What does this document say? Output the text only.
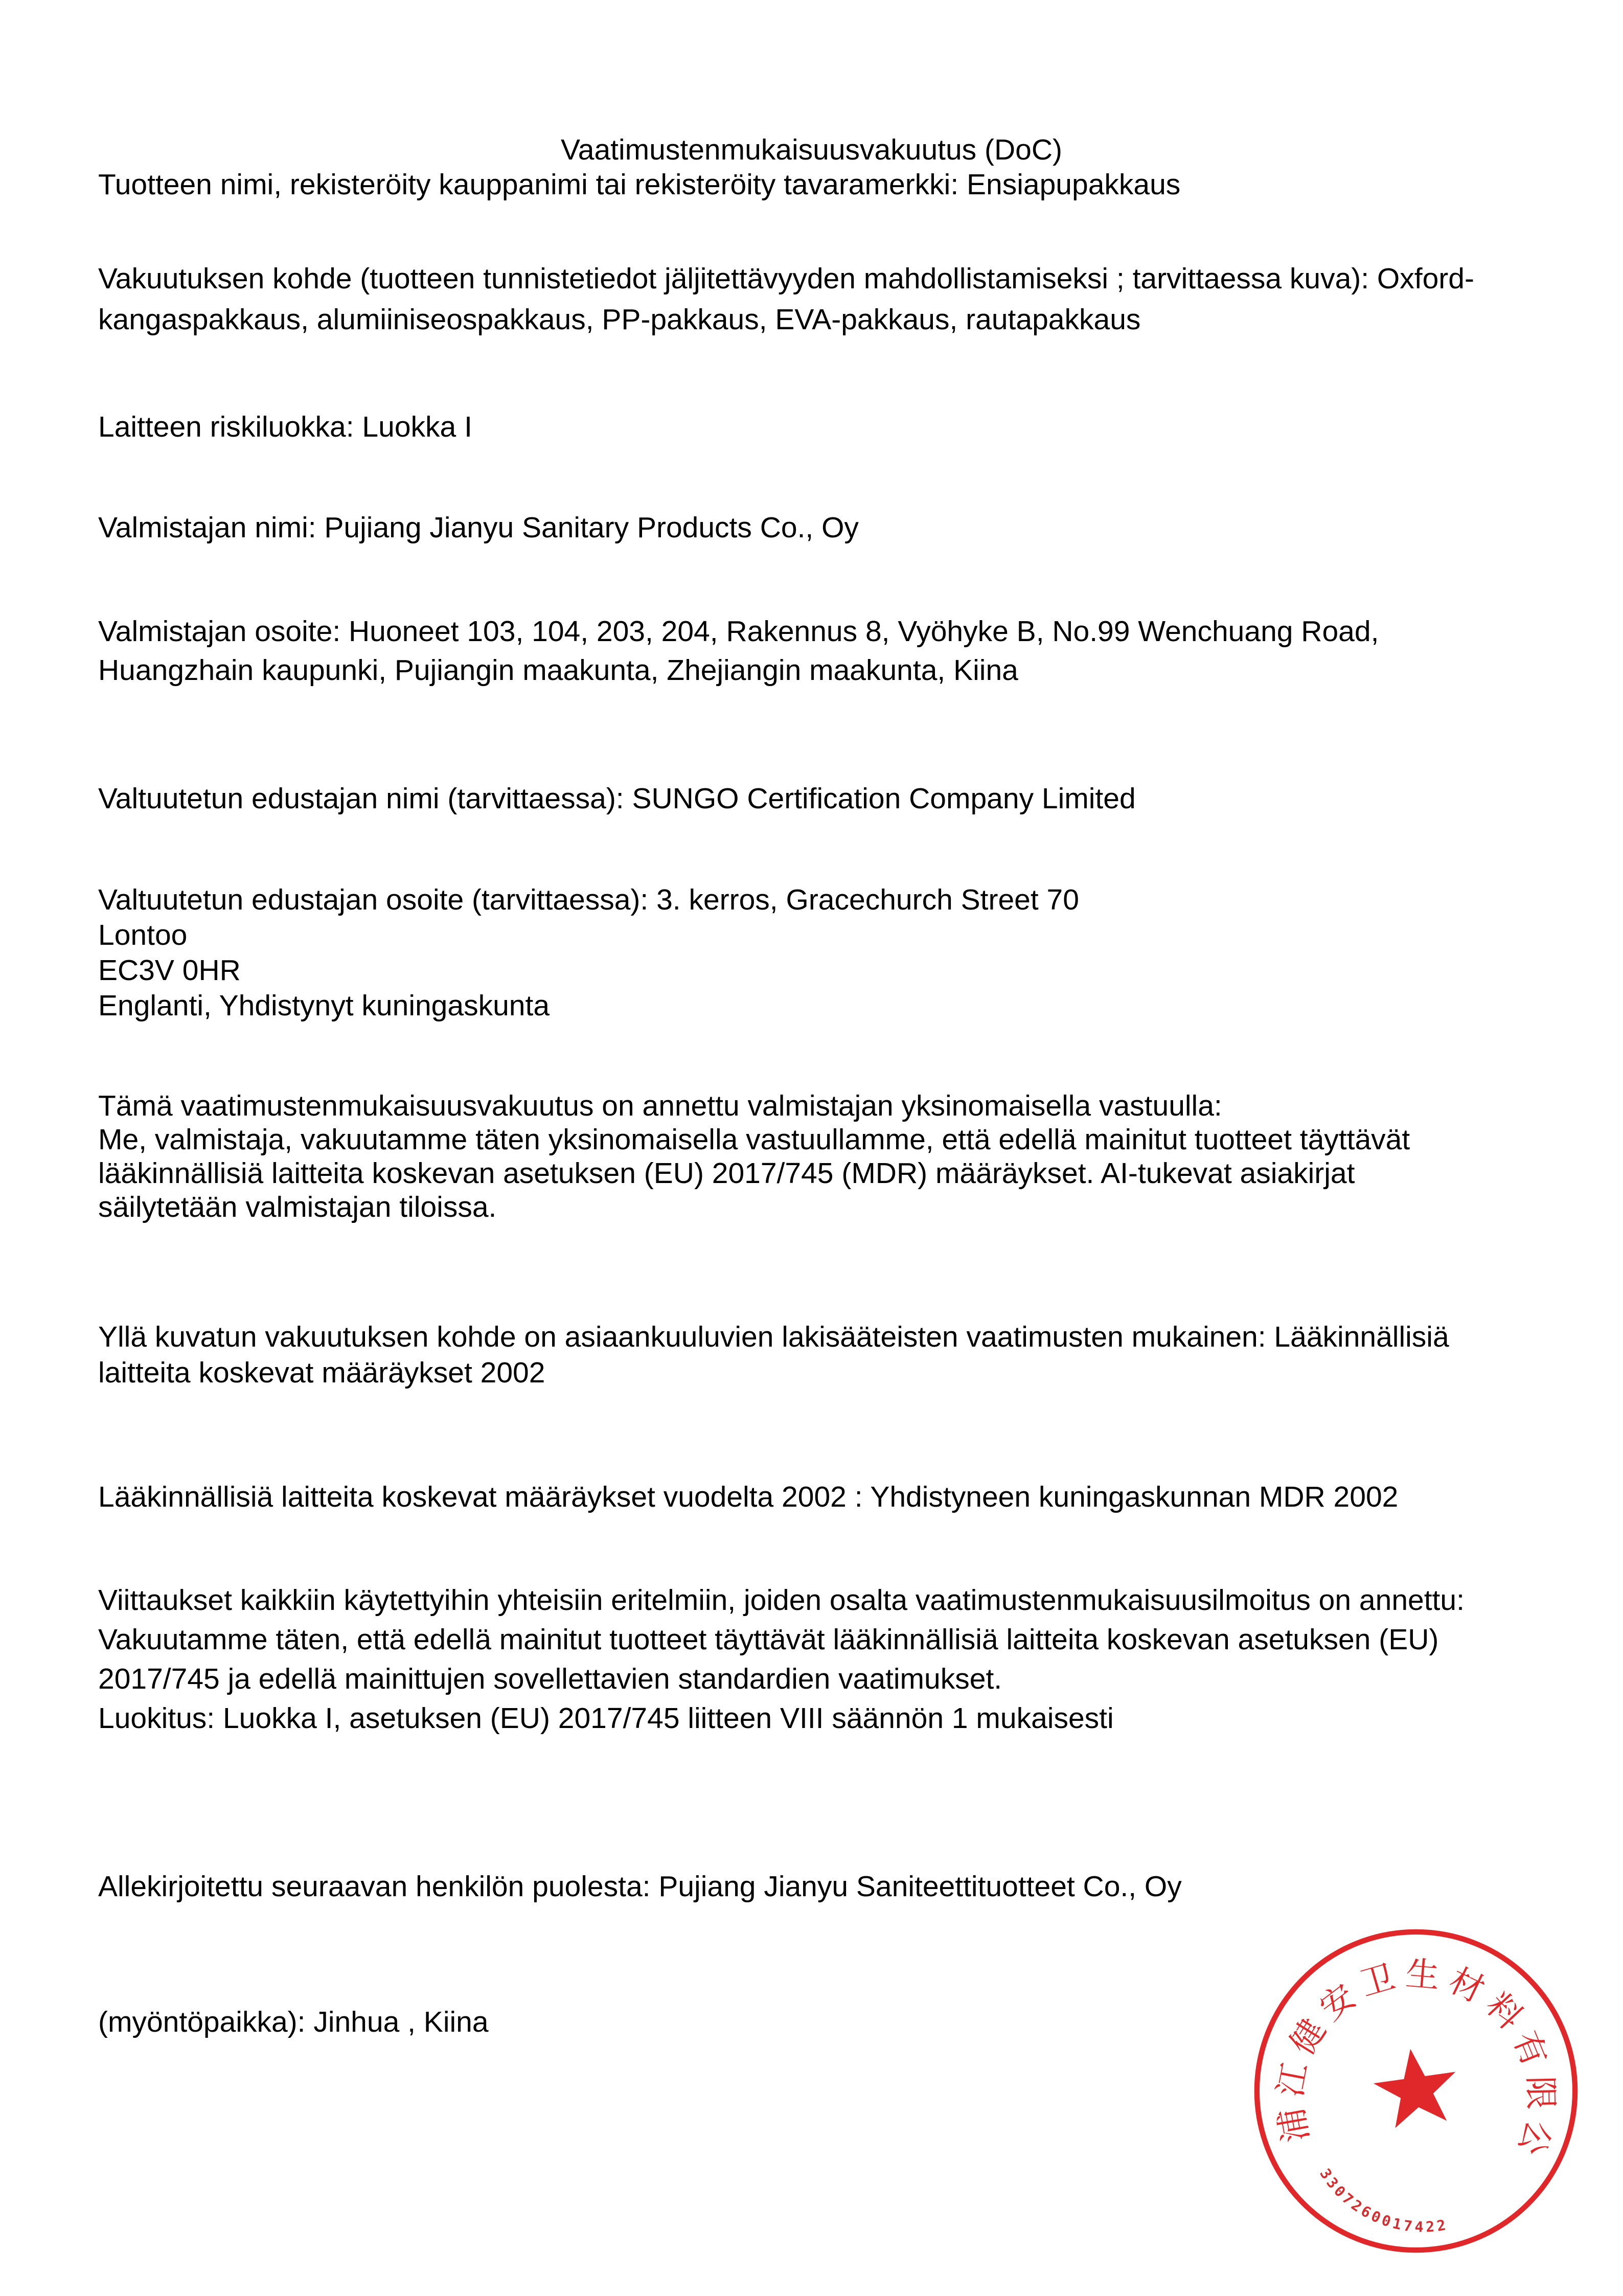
Vaatimustenmukaisuusvakuutus (DoC)
Tuotteen nimi, rekisteröity kauppanimi tai rekisteröity tavaramerkki: Ensiapupakkaus
Vakuutuksen kohde (tuotteen tunnistetiedot jäljitettävyyden mahdollistamiseksi ; tarvittaessa kuva): Oxford-
kangaspakkaus, alumiiniseospakkaus, PP-pakkaus, EVA-pakkaus, rautapakkaus
Laitteen riskiluokka: Luokka I
Valmistajan nimi: Pujiang Jianyu Sanitary Products Co., Oy
Valmistajan osoite: Huoneet 103, 104, 203, 204, Rakennus 8, Vyöhyke B, No.99 Wenchuang Road,
Huangzhain kaupunki, Pujiangin maakunta, Zhejiangin maakunta, Kiina
Valtuutetun edustajan nimi (tarvittaessa): SUNGO Certification Company Limited
Valtuutetun edustajan osoite (tarvittaessa): 3. kerros, Gracechurch Street 70
Lontoo
EC3V 0HR
Englanti, Yhdistynyt kuningaskunta
Tämä vaatimustenmukaisuusvakuutus on annettu valmistajan yksinomaisella vastuulla:
Me, valmistaja, vakuutamme täten yksinomaisella vastuullamme, että edellä mainitut tuotteet täyttävät
lääkinnällisiä laitteita koskevan asetuksen (EU) 2017/745 (MDR) määräykset. AI-tukevat asiakirjat
säilytetään valmistajan tiloissa.
Yllä kuvatun vakuutuksen kohde on asiaankuuluvien lakisääteisten vaatimusten mukainen: Lääkinnällisiä
laitteita koskevat määräykset 2002
Lääkinnällisiä laitteita koskevat määräykset vuodelta 2002 : Yhdistyneen kuningaskunnan MDR 2002
Viittaukset kaikkiin käytettyihin yhteisiin eritelmiin, joiden osalta vaatimustenmukaisuusilmoitus on annettu:
Vakuutamme täten, että edellä mainitut tuotteet täyttävät lääkinnällisiä laitteita koskevan asetuksen (EU)
2017/745 ja edellä mainittujen sovellettavien standardien vaatimukset.
Luokitus: Luokka I, asetuksen (EU) 2017/745 liitteen VIII säännön 1 mukaisesti
Allekirjoitettu seuraavan henkilön puolesta: Pujiang Jianyu Saniteettituotteet Co., Oy
(myöntöpaikka): Jinhua , Kiina
浦江健安卫生材料有限公
3307260017422
